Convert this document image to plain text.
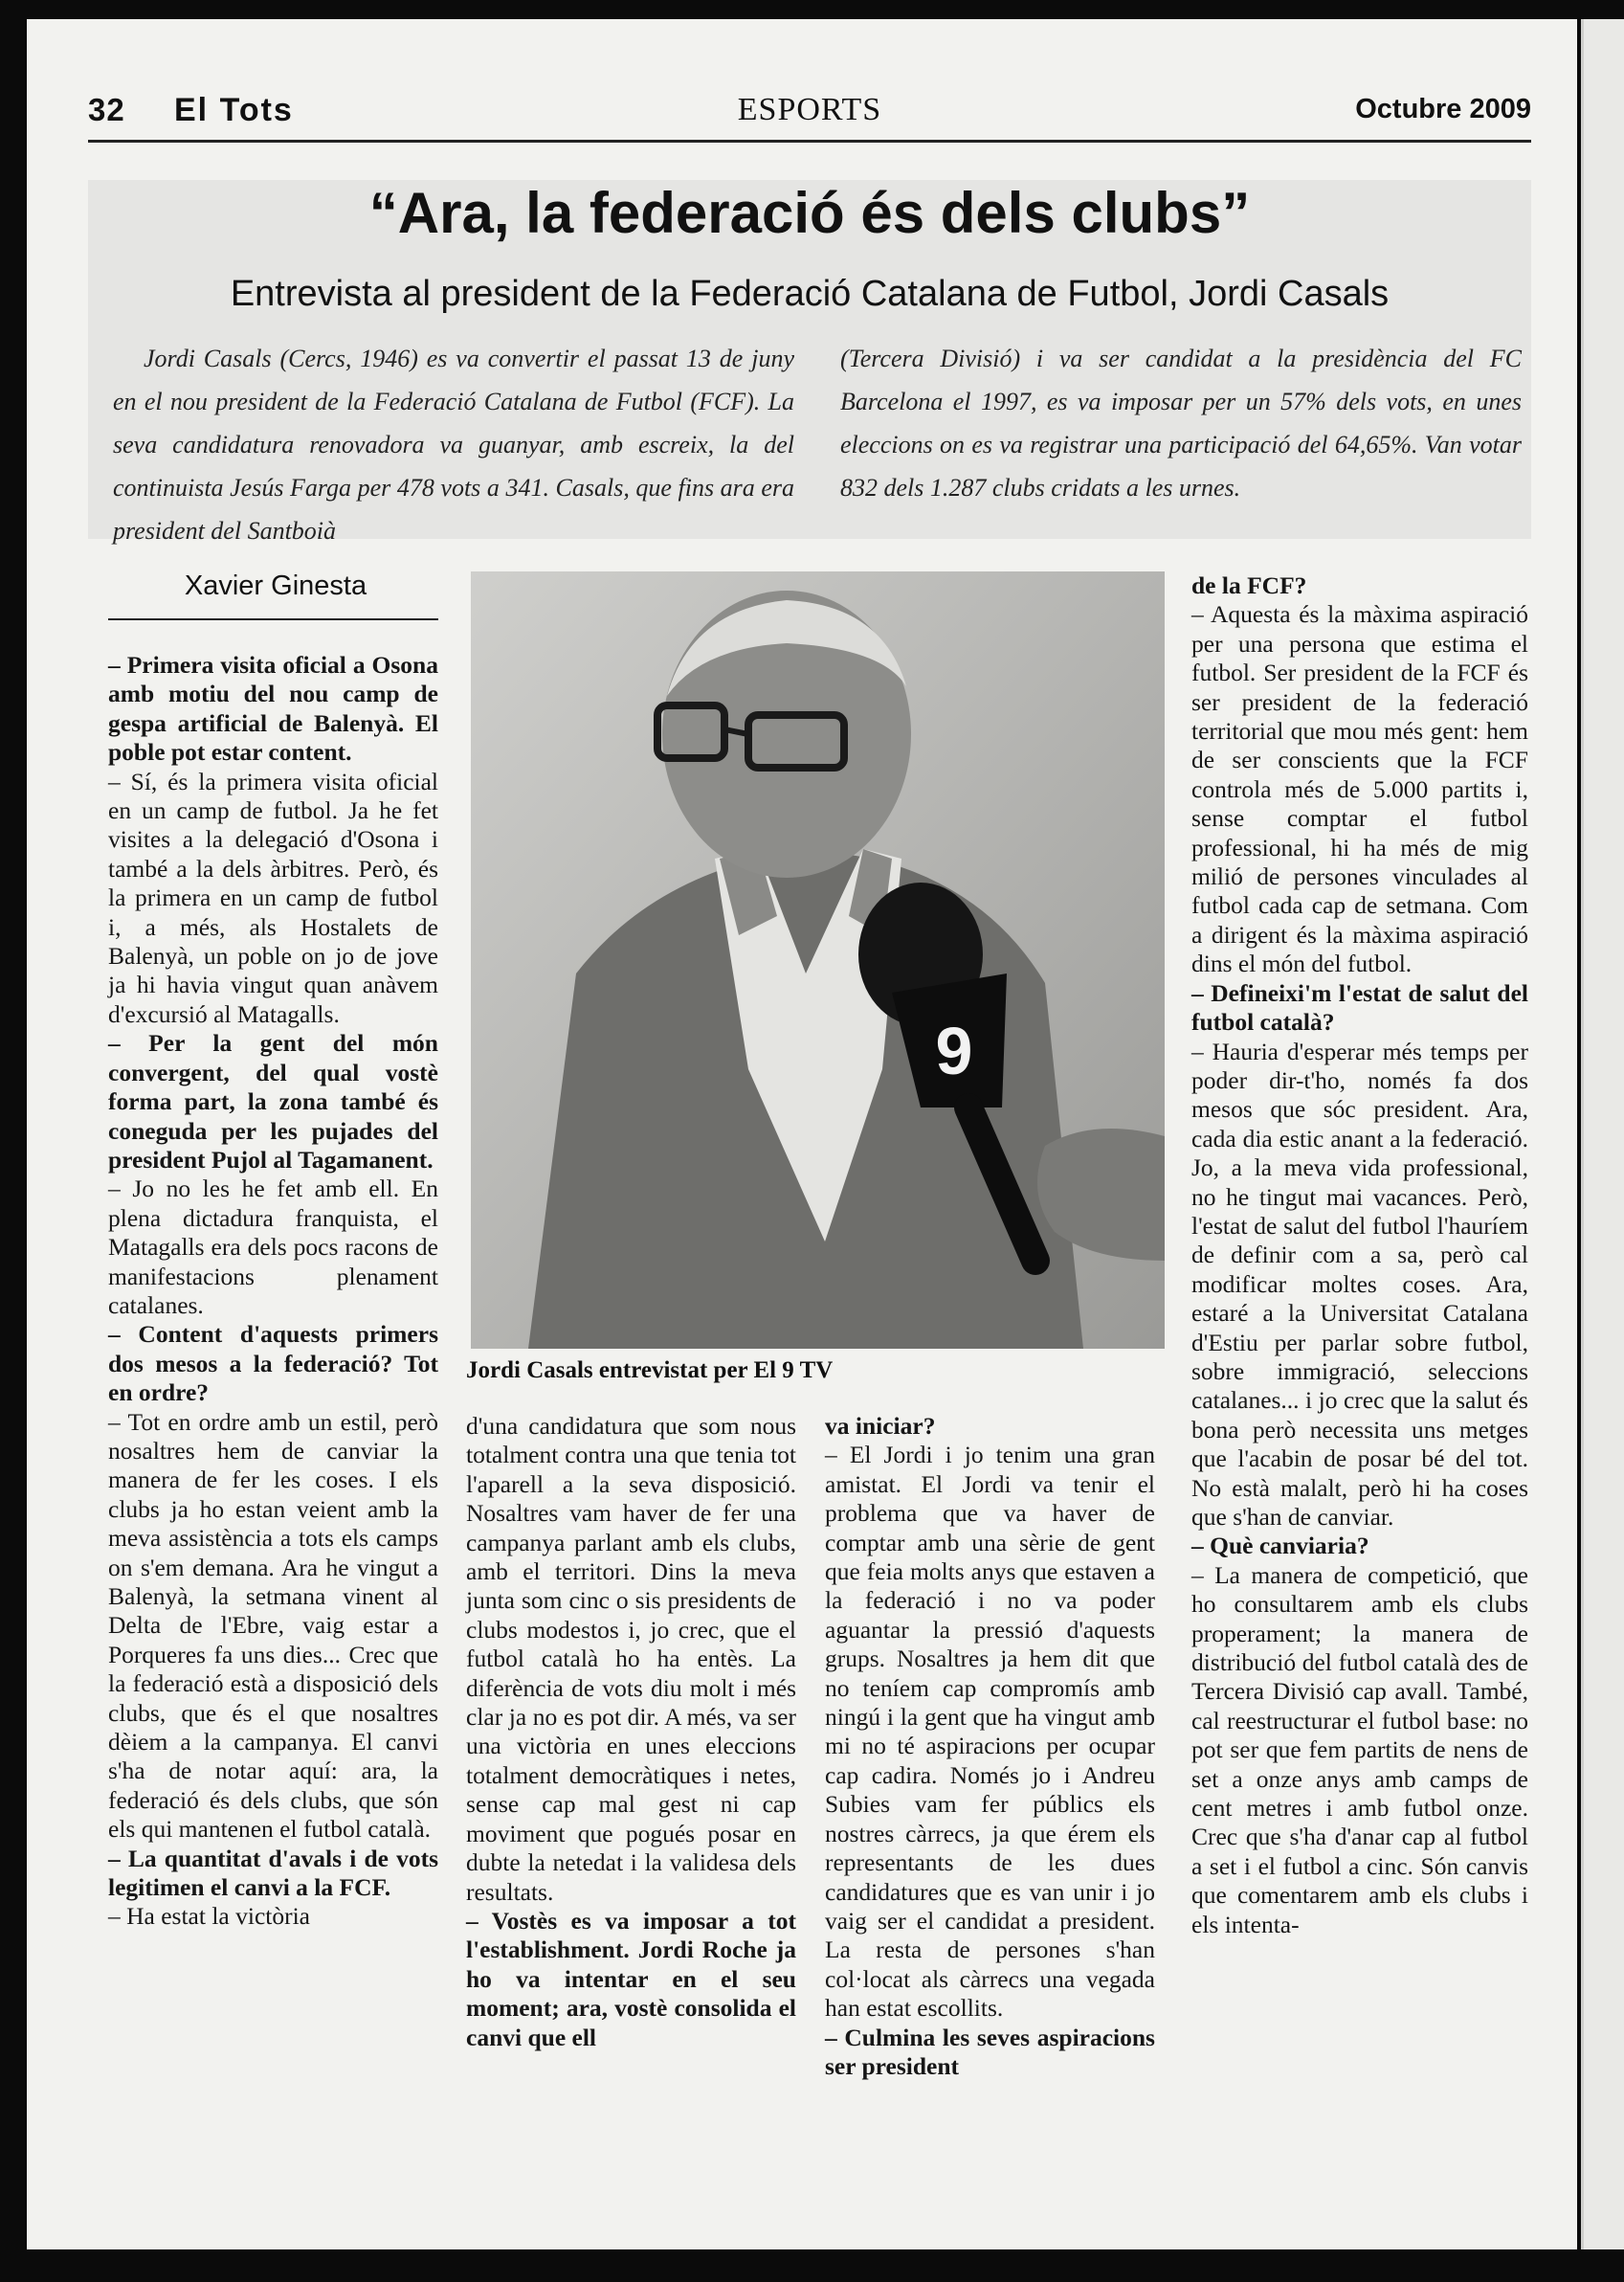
32 El Tots	ESPORTS	Octubre 2009
“Ara, la federació és dels clubs”
Entrevista al president de la Federació Catalana de Futbol, Jordi Casals
Jordi Casals (Cercs, 1946) es va convertir el passat 13 de juny en el nou president de la Federació Catalana de Futbol (FCF). La seva candidatura renovadora va guanyar, amb escreix, la del continuista Jesús Farga per 478 vots a 341. Casals, que fins ara era president del Santboià
(Tercera Divisió) i va ser candidat a la presidència del FC Barcelona el 1997, es va imposar per un 57% dels vots, en unes eleccions on es va registrar una participació del 64,65%. Van votar 832 dels 1.287 clubs cridats a les urnes.
Xavier Ginesta
9
Jordi Casals entrevistat per El 9 TV

– Primera visita oficial a Osona amb motiu del nou camp de gespa artificial de Balenyà. El poble pot estar content.

– Sí, és la primera visita oficial en un camp de futbol. Ja he fet visites a la delegació d'Osona i també a la dels àrbitres. Però, és la primera en un camp de futbol i, a més, als Hostalets de Balenyà, un poble on jo de jove ja hi havia vingut quan anàvem d'excursió al Matagalls.

– Per la gent del món convergent, del qual vostè forma part, la zona també és coneguda per les pujades del president Pujol al Tagamanent.

– Jo no les he fet amb ell. En plena dictadura franquista, el Matagalls era dels pocs racons de manifestacions plenament catalanes.

– Content d'aquests primers dos mesos a la federació? Tot en ordre?

– Tot en ordre amb un estil, però nosaltres hem de canviar la manera de fer les coses. I els clubs ja ho estan veient amb la meva assistència a tots els camps on s'em demana. Ara he vingut a Balenyà, la setmana vinent al Delta de l'Ebre, vaig estar a Porqueres fa uns dies... Crec que la federació està a disposició dels clubs, que és el que nosaltres dèiem a la campanya. El canvi s'ha de notar aquí: ara, la federació és dels clubs, que són els qui mantenen el futbol català.

– La quantitat d'avals i de vots legitimen el canvi a la FCF.

– Ha estat la victòria

d'una candidatura que som nous totalment contra una que tenia tot l'aparell a la seva disposició. Nosaltres vam haver de fer una campanya parlant amb els clubs, amb el territori. Dins la meva junta som cinc o sis presidents de clubs modestos i, jo crec, que el futbol català ho ha entès. La diferència de vots diu molt i més clar ja no es pot dir. A més, va ser una victòria en unes eleccions totalment democràtiques i netes, sense cap mal gest ni cap moviment que pogués posar en dubte la netedat i la validesa dels resultats.

– Vostès es va imposar a tot l'establishment. Jordi Roche ja ho va intentar en el seu moment; ara, vostè consolida el canvi que ell

va iniciar?

– El Jordi i jo tenim una gran amistat. El Jordi va tenir el problema que va haver de comptar amb una sèrie de gent que feia molts anys que estaven a la federació i no va poder aguantar la pressió d'aquests grups. Nosaltres ja hem dit que no teníem cap compromís amb ningú i la gent que ha vingut amb mi no té aspiracions per ocupar cap cadira. Només jo i Andreu Subies vam fer públics els nostres càrrecs, ja que érem els representants de les dues candidatures que es van unir i jo vaig ser el candidat a president. La resta de persones s'han col·locat als càrrecs una vegada han estat escollits.

– Culmina les seves aspiracions ser president

de la FCF?

– Aquesta és la màxima aspiració per una persona que estima el futbol. Ser president de la FCF és ser president de la federació territorial que mou més gent: hem de ser conscients que la FCF controla més de 5.000 partits i, sense comptar el futbol professional, hi ha més de mig milió de persones vinculades al futbol cada cap de setmana. Com a dirigent és la màxima aspiració dins el món del futbol.

– Defineixi'm l'estat de salut del futbol català?

– Hauria d'esperar més temps per poder dir-t'ho, només fa dos mesos que sóc president. Ara, cada dia estic anant a la federació. Jo, a la meva vida professional, no he tingut mai vacances. Però, l'estat de salut del futbol l'hauríem de definir com a sa, però cal modificar moltes coses. Ara, estaré a la Universitat Catalana d'Estiu per parlar sobre futbol, sobre immigració, seleccions catalanes... i jo crec que la salut és bona però necessita uns metges que l'acabin de posar bé del tot. No està malalt, però hi ha coses que s'han de canviar.

– Què canviaria?

– La manera de competició, que ho consultarem amb els clubs properament; la manera de distribució del futbol català des de Tercera Divisió cap avall. També, cal reestructurar el futbol base: no pot ser que fem partits de nens de set a onze anys amb camps de cent metres i amb futbol onze. Crec que s'ha d'anar cap al futbol a set i el futbol a cinc. Són canvis que comentarem amb els clubs i els intenta-
